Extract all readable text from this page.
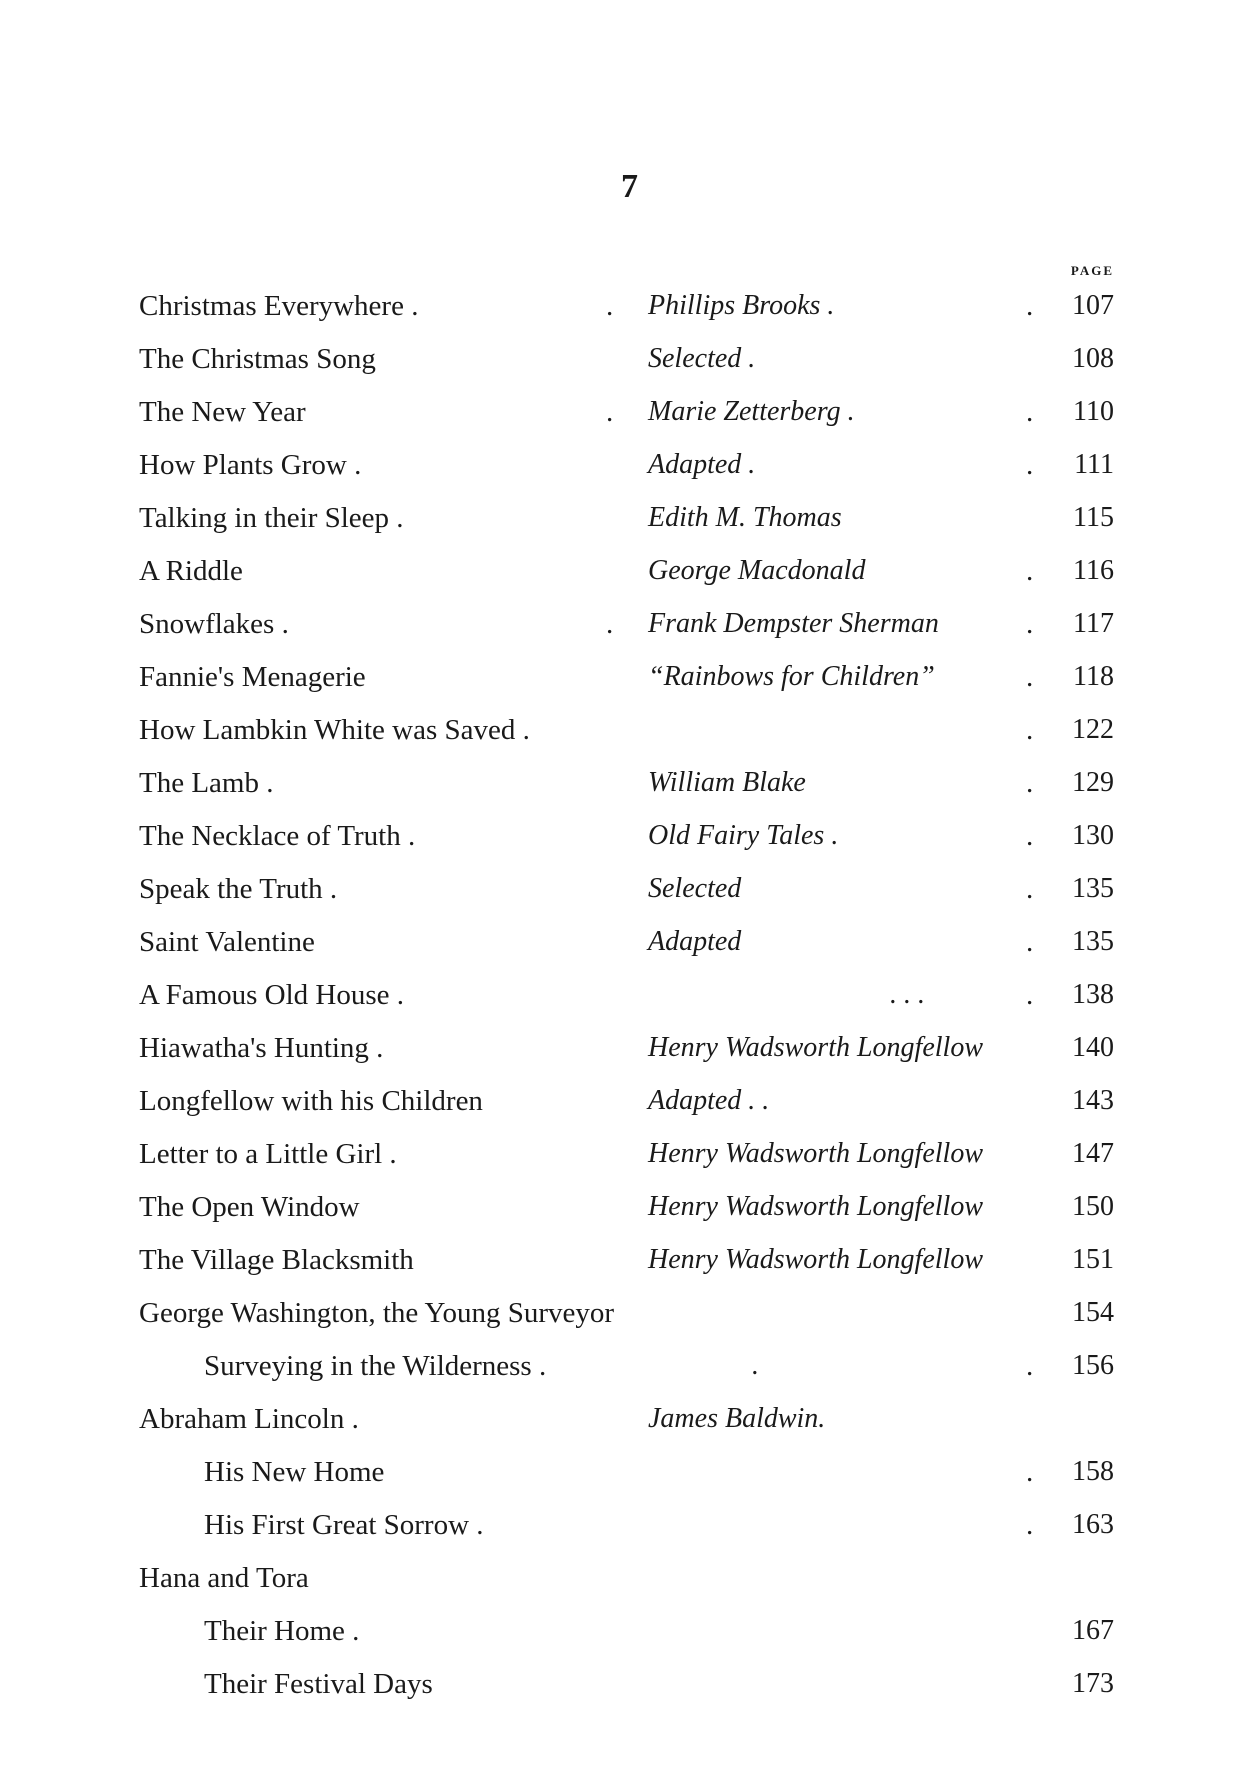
7
PAGE
Christmas Everywhere .	. Phillips Brooks .	.	107
The Christmas Song	Selected .	108
The New Year	. Marie Zetterberg .	.	110
How Plants Grow .	Adapted .	.	111
Talking in their Sleep .	Edith M. Thomas	115
A Riddle	George Macdonald	.	116
Snowflakes .	. Frank Dempster Sherman	.	117
Fannie's Menagerie	“Rainbows for Children”	.	118
How Lambkin White was Saved .	.	122
The Lamb .	William Blake	.	129
The Necklace of Truth .	Old Fairy Tales .	.	130
Speak the Truth .	Selected	.	135
Saint Valentine	Adapted	.	135
A Famous Old House .	. . .	.	138
Hiawatha's Hunting .	Henry Wadsworth Longfellow	140
Longfellow with his Children	Adapted . .	143
Letter to a Little Girl .	Henry Wadsworth Longfellow	147
The Open Window	Henry Wadsworth Longfellow	150
The Village Blacksmith	Henry Wadsworth Longfellow	151
George Washington, the Young Surveyor	154
Surveying in the Wilderness .	.	.	156
Abraham Lincoln .	James Baldwin.
His New Home	.	158
His First Great Sorrow .	.	163
Hana and Tora
Their Home .	167
Their Festival Days	173
